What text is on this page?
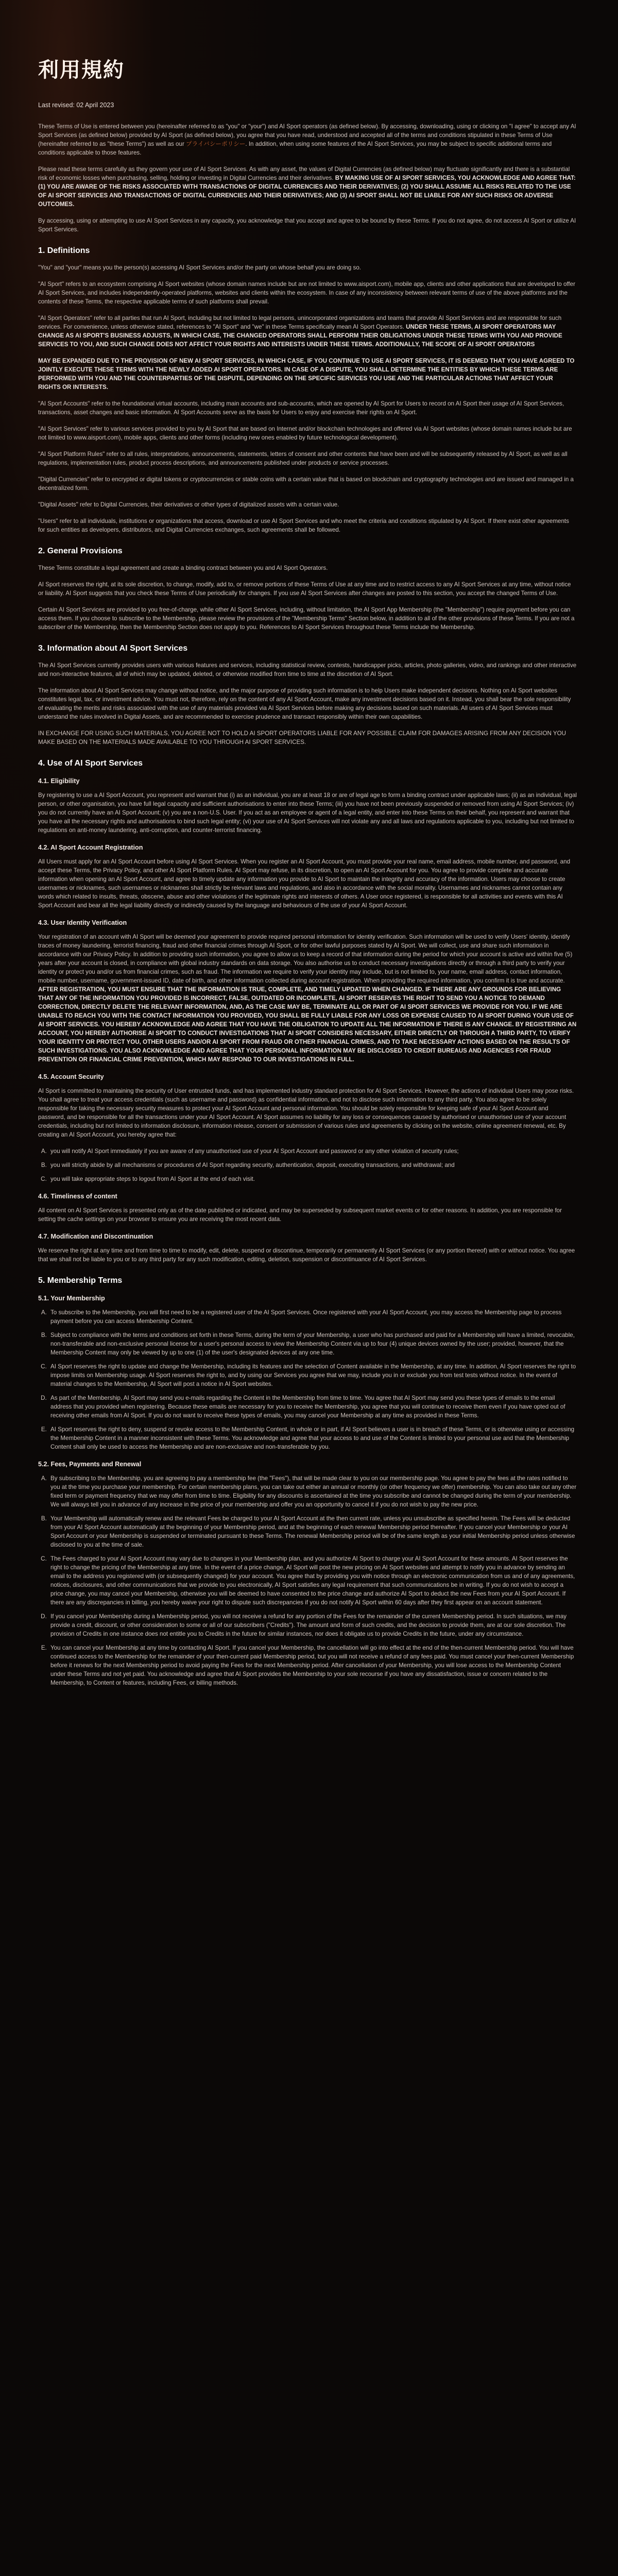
利用規約
Last revised: 02 April 2023

These Terms of Use is entered between you (hereinafter referred to as "you" or "your") and AI Sport operators (as defined below). By accessing, downloading, using or clicking on "I agree" to accept any AI Sport Services (as defined below) provided by AI Sport (as defined below), you agree that you have read, understood and accepted all of the terms and conditions stipulated in these Terms of Use (hereinafter referred to as "these Terms") as well as our プライバシーポリシー. In addition, when using some features of the AI Sport Services, you may be subject to specific additional terms and conditions applicable to those features.

Please read these terms carefully as they govern your use of AI Sport Services. As with any asset, the values of Digital Currencies (as defined below) may fluctuate significantly and there is a substantial risk of economic losses when purchasing, selling, holding or investing in Digital Currencies and their derivatives. BY MAKING USE OF AI SPORT SERVICES, YOU ACKNOWLEDGE AND AGREE THAT: (1) YOU ARE AWARE OF THE RISKS ASSOCIATED WITH TRANSACTIONS OF DIGITAL CURRENCIES AND THEIR DERIVATIVES; (2) YOU SHALL ASSUME ALL RISKS RELATED TO THE USE OF AI SPORT SERVICES AND TRANSACTIONS OF DIGITAL CURRENCIES AND THEIR DERIVATIVES; AND (3) AI SPORT SHALL NOT BE LIABLE FOR ANY SUCH RISKS OR ADVERSE OUTCOMES.

By accessing, using or attempting to use AI Sport Services in any capacity, you acknowledge that you accept and agree to be bound by these Terms. If you do not agree, do not access AI Sport or utilize AI Sport Services.

1. Definitions

"You" and "your" means you the person(s) accessing AI Sport Services and/or the party on whose behalf you are doing so.

"AI Sport" refers to an ecosystem comprising AI Sport websites (whose domain names include but are not limited to www.aisport.com), mobile app, clients and other applications that are developed to offer AI Sport Services, and includes independently-operated platforms, websites and clients within the ecosystem. In case of any inconsistency between relevant terms of use of the above platforms and the contents of these Terms, the respective applicable terms of such platforms shall prevail.

"AI Sport Operators" refer to all parties that run AI Sport, including but not limited to legal persons, unincorporated organizations and teams that provide AI Sport Services and are responsible for such services. For convenience, unless otherwise stated, references to "AI Sport" and "we" in these Terms specifically mean AI Sport Operators. UNDER THESE TERMS, AI SPORT OPERATORS MAY CHANGE AS AI SPORT'S BUSINESS ADJUSTS, IN WHICH CASE, THE CHANGED OPERATORS SHALL PERFORM THEIR OBLIGATIONS UNDER THESE TERMS WITH YOU AND PROVIDE SERVICES TO YOU, AND SUCH CHANGE DOES NOT AFFECT YOUR RIGHTS AND INTERESTS UNDER THESE TERMS. ADDITIONALLY, THE SCOPE OF AI SPORT OPERATORS

MAY BE EXPANDED DUE TO THE PROVISION OF NEW AI SPORT SERVICES, IN WHICH CASE, IF YOU CONTINUE TO USE AI SPORT SERVICES, IT IS DEEMED THAT YOU HAVE AGREED TO JOINTLY EXECUTE THESE TERMS WITH THE NEWLY ADDED AI SPORT OPERATORS. IN CASE OF A DISPUTE, YOU SHALL DETERMINE THE ENTITIES BY WHICH THESE TERMS ARE PERFORMED WITH YOU AND THE COUNTERPARTIES OF THE DISPUTE, DEPENDING ON THE SPECIFIC SERVICES YOU USE AND THE PARTICULAR ACTIONS THAT AFFECT YOUR RIGHTS OR INTERESTS.

"AI Sport Accounts" refer to the foundational virtual accounts, including main accounts and sub-accounts, which are opened by AI Sport for Users to record on AI Sport their usage of AI Sport Services, transactions, asset changes and basic information. AI Sport Accounts serve as the basis for Users to enjoy and exercise their rights on AI Sport.

"AI Sport Services" refer to various services provided to you by AI Sport that are based on Internet and/or blockchain technologies and offered via AI Sport websites (whose domain names include but are not limited to www.aisport.com), mobile apps, clients and other forms (including new ones enabled by future technological development).

"AI Sport Platform Rules" refer to all rules, interpretations, announcements, statements, letters of consent and other contents that have been and will be subsequently released by AI Sport, as well as all regulations, implementation rules, product process descriptions, and announcements published under products or service processes.

"Digital Currencies" refer to encrypted or digital tokens or cryptocurrencies or stable coins with a certain value that is based on blockchain and cryptography technologies and are issued and managed in a decentralized form.

"Digital Assets" refer to Digital Currencies, their derivatives or other types of digitalized assets with a certain value.

"Users" refer to all individuals, institutions or organizations that access, download or use AI Sport Services and who meet the criteria and conditions stipulated by AI Sport. If there exist other agreements for such entities as developers, distributors, and Digital Currencies exchanges, such agreements shall be followed.

2. General Provisions

These Terms constitute a legal agreement and create a binding contract between you and AI Sport Operators.

AI Sport reserves the right, at its sole discretion, to change, modify, add to, or remove portions of these Terms of Use at any time and to restrict access to any AI Sport Services at any time, without notice or liability. AI Sport suggests that you check these Terms of Use periodically for changes. If you use AI Sport Services after changes are posted to this section, you accept the changed Terms of Use.

Certain AI Sport Services are provided to you free-of-charge, while other AI Sport Services, including, without limitation, the AI Sport App Membership (the "Membership") require payment before you can access them. If you choose to subscribe to the Membership, please review the provisions of the "Membership Terms" Section below, in addition to all of the other provisions of these Terms. If you are not a subscriber of the Membership, then the Membership Section does not apply to you. References to AI Sport Services throughout these Terms include the Membership.

3. Information about AI Sport Services

The AI Sport Services currently provides users with various features and services, including statistical review, contests, handicapper picks, articles, photo galleries, video, and rankings and other interactive and non-interactive features, all of which may be updated, deleted, or otherwise modified from time to time at the discretion of AI Sport.

The information about AI Sport Services may change without notice, and the major purpose of providing such information is to help Users make independent decisions. Nothing on AI Sport websites constitutes legal, tax, or investment advice. You must not, therefore, rely on the content of any AI Sport Account, make any investment decisions based on it. Instead, you shall bear the sole responsibility of evaluating the merits and risks associated with the use of any materials provided via AI Sport Services before making any decisions based on such materials. All users of AI Sport Services must understand the rules involved in Digital Assets, and are recommended to exercise prudence and transact responsibly within their own capabilities.

IN EXCHANGE FOR USING SUCH MATERIALS, YOU AGREE NOT TO HOLD AI SPORT OPERATORS LIABLE FOR ANY POSSIBLE CLAIM FOR DAMAGES ARISING FROM ANY DECISION YOU MAKE BASED ON THE MATERIALS MADE AVAILABLE TO YOU THROUGH AI SPORT SERVICES.

4. Use of AI Sport Services
4.1. Eligibility

By registering to use a AI Sport Account, you represent and warrant that (i) as an individual, you are at least 18 or are of legal age to form a binding contract under applicable laws; (ii) as an individual, legal person, or other organisation, you have full legal capacity and sufficient authorisations to enter into these Terms; (iii) you have not been previously suspended or removed from using AI Sport Services; (iv) you do not currently have an AI Sport Account; (v) you are a non-U.S. User. If you act as an employee or agent of a legal entity, and enter into these Terms on their behalf, you represent and warrant that you have all the necessary rights and authorisations to bind such legal entity; (vi) your use of AI Sport Services will not violate any and all laws and regulations applicable to you, including but not limited to regulations on anti-money laundering, anti-corruption, and counter-terrorist financing.

4.2. AI Sport Account Registration

All Users must apply for an AI Sport Account before using AI Sport Services. When you register an AI Sport Account, you must provide your real name, email address, mobile number, and password, and accept these Terms, the Privacy Policy, and other AI Sport Platform Rules. AI Sport may refuse, in its discretion, to open an AI Sport Account for you. You agree to provide complete and accurate information when opening an AI Sport Account, and agree to timely update any information you provide to AI Sport to maintain the integrity and accuracy of the information. Users may choose to create usernames or nicknames, such usernames or nicknames shall strictly be relevant laws and regulations, and also in accordance with the social morality. Usernames and nicknames cannot contain any words which related to insults, threats, obscene, abuse and other violations of the legitimate rights and interests of others. A User once registered, is responsible for all activities and events with this AI Sport Account and bear all the legal liability directly or indirectly caused by the language and behaviours of the use of your AI Sport Account.

4.3. User Identity Verification

Your registration of an account with AI Sport will be deemed your agreement to provide required personal information for identity verification. Such information will be used to verify Users' identity, identify traces of money laundering, terrorist financing, fraud and other financial crimes through AI Sport, or for other lawful purposes stated by AI Sport. We will collect, use and share such information in accordance with our Privacy Policy. In addition to providing such information, you agree to allow us to keep a record of that information during the period for which your account is active and within five (5) years after your account is closed, in compliance with global industry standards on data storage. You also authorise us to conduct necessary investigations directly or through a third party to verify your identity or protect you and/or us from financial crimes, such as fraud. The information we require to verify your identity may include, but is not limited to, your name, email address, contact information, mobile number, username, government-issued ID, date of birth, and other information collected during account registration. When providing the required information, you confirm it is true and accurate. AFTER REGISTRATION, YOU MUST ENSURE THAT THE INFORMATION IS TRUE, COMPLETE, AND TIMELY UPDATED WHEN CHANGED. IF THERE ARE ANY GROUNDS FOR BELIEVING THAT ANY OF THE INFORMATION YOU PROVIDED IS INCORRECT, FALSE, OUTDATED OR INCOMPLETE, AI SPORT RESERVES THE RIGHT TO SEND YOU A NOTICE TO DEMAND CORRECTION, DIRECTLY DELETE THE RELEVANT INFORMATION, AND, AS THE CASE MAY BE, TERMINATE ALL OR PART OF AI SPORT SERVICES WE PROVIDE FOR YOU. IF WE ARE UNABLE TO REACH YOU WITH THE CONTACT INFORMATION YOU PROVIDED, YOU SHALL BE FULLY LIABLE FOR ANY LOSS OR EXPENSE CAUSED TO AI SPORT DURING YOUR USE OF AI SPORT SERVICES. YOU HEREBY ACKNOWLEDGE AND AGREE THAT YOU HAVE THE OBLIGATION TO UPDATE ALL THE INFORMATION IF THERE IS ANY CHANGE. BY REGISTERING AN ACCOUNT, YOU HEREBY AUTHORISE AI SPORT TO CONDUCT INVESTIGATIONS THAT AI SPORT CONSIDERS NECESSARY, EITHER DIRECTLY OR THROUGH A THIRD PARTY, TO VERIFY YOUR IDENTITY OR PROTECT YOU, OTHER USERS AND/OR AI SPORT FROM FRAUD OR OTHER FINANCIAL CRIMES, AND TO TAKE NECESSARY ACTIONS BASED ON THE RESULTS OF SUCH INVESTIGATIONS. YOU ALSO ACKNOWLEDGE AND AGREE THAT YOUR PERSONAL INFORMATION MAY BE DISCLOSED TO CREDIT BUREAUS AND AGENCIES FOR FRAUD PREVENTION OR FINANCIAL CRIME PREVENTION, WHICH MAY RESPOND TO OUR INVESTIGATIONS IN FULL.

4.5. Account Security

AI Sport is committed to maintaining the security of User entrusted funds, and has implemented industry standard protection for AI Sport Services. However, the actions of individual Users may pose risks. You shall agree to treat your access credentials (such as username and password) as confidential information, and not to disclose such information to any third party. You also agree to be solely responsible for taking the necessary security measures to protect your AI Sport Account and personal information. You should be solely responsible for keeping safe of your AI Sport Account and password, and be responsible for all the transactions under your AI Sport Account. AI Sport assumes no liability for any loss or consequences caused by authorised or unauthorised use of your account credentials, including but not limited to information disclosure, information release, consent or submission of various rules and agreements by clicking on the website, online agreement renewal, etc. By creating an AI Sport Account, you hereby agree that:

A. you will notify AI Sport immediately if you are aware of any unauthorised use of your AI Sport Account and password or any other violation of security rules;
B. you will strictly abide by all mechanisms or procedures of AI Sport regarding security, authentication, deposit, executing transactions, and withdrawal; and
C. you will take appropriate steps to logout from AI Sport at the end of each visit.
4.6. Timeliness of content

All content on AI Sport Services is presented only as of the date published or indicated, and may be superseded by subsequent market events or for other reasons. In addition, you are responsible for setting the cache settings on your browser to ensure you are receiving the most recent data.

4.7. Modification and Discontinuation

We reserve the right at any time and from time to time to modify, edit, delete, suspend or discontinue, temporarily or permanently AI Sport Services (or any portion thereof) with or without notice. You agree that we shall not be liable to you or to any third party for any such modification, editing, deletion, suspension or discontinuance of AI Sport Services.

5. Membership Terms
5.1. Your Membership
A. To subscribe to the Membership, you will first need to be a registered user of the AI Sport Services. Once registered with your AI Sport Account, you may access the Membership page to process payment before you can access Membership Content.
B. Subject to compliance with the terms and conditions set forth in these Terms, during the term of your Membership, a user who has purchased and paid for a Membership will have a limited, revocable, non-transferable and non-exclusive personal license for a user's personal access to view the Membership Content via up to four (4) unique devices owned by the user; provided, however, that the Membership Content may only be viewed by up to one (1) of the user's designated devices at any one time.
C. AI Sport reserves the right to update and change the Membership, including its features and the selection of Content available in the Membership, at any time. In addition, AI Sport reserves the right to impose limits on Membership usage. AI Sport reserves the right to, and by using our Services you agree that we may, include you in or exclude you from test tests without notice. In the event of material changes to the Membership, AI Sport will post a notice in AI Sport websites.
D. As part of the Membership, AI Sport may send you e-mails regarding the Content in the Membership from time to time. You agree that AI Sport may send you these types of emails to the email address that you provided when registering. Because these emails are necessary for you to receive the Membership, you agree that you will continue to receive them even if you have opted out of receiving other emails from AI Sport. If you do not want to receive these types of emails, you may cancel your Membership at any time as provided in these Terms.
E. AI Sport reserves the right to deny, suspend or revoke access to the Membership Content, in whole or in part, if AI Sport believes a user is in breach of these Terms, or is otherwise using or accessing the Membership Content in a manner inconsistent with these Terms. You acknowledge and agree that your access to and use of the Content is limited to your personal use and that the Membership Content shall only be used to access the Membership and are non-exclusive and non-transferable by you.
5.2. Fees, Payments and Renewal
A. By subscribing to the Membership, you are agreeing to pay a membership fee (the "Fees"), that will be made clear to you on our membership page. You agree to pay the fees at the rates notified to you at the time you purchase your membership. For certain membership plans, you can take out either an annual or monthly (or other frequency we offer) membership. You can also take out any other fixed term or payment frequency that we may offer from time to time. Eligibility for any discounts is ascertained at the time you subscribe and cannot be changed during the term of your membership. We will always tell you in advance of any increase in the price of your membership and offer you an opportunity to cancel it if you do not wish to pay the new price.
B. Your Membership will automatically renew and the relevant Fees be charged to your AI Sport Account at the then current rate, unless you unsubscribe as specified herein. The Fees will be deducted from your AI Sport Account automatically at the beginning of your Membership period, and at the beginning of each renewal Membership period thereafter. If you cancel your Membership or your AI Sport Account or your Membership is suspended or terminated pursuant to these Terms. The renewal Membership period will be of the same length as your initial Membership period unless otherwise disclosed to you at the time of sale.
C. The Fees charged to your AI Sport Account may vary due to changes in your Membership plan, and you authorize AI Sport to charge your AI Sport Account for these amounts. AI Sport reserves the right to change the pricing of the Membership at any time. In the event of a price change, AI Sport will post the new pricing on AI Sport websites and attempt to notify you in advance by sending an email to the address you registered with (or subsequently changed) for your account. You agree that by providing you with notice through an electronic communication from us and of any agreements, notices, disclosures, and other communications that we provide to you electronically, AI Sport satisfies any legal requirement that such communications be in writing. If you do not wish to accept a price change, you may cancel your Membership, otherwise you will be deemed to have consented to the price change and authorize AI Sport to deduct the new Fees from your AI Sport Account. If there are any discrepancies in billing, you hereby waive your right to dispute such discrepancies if you do not notify AI Sport within 60 days after they first appear on an account statement.
D. If you cancel your Membership during a Membership period, you will not receive a refund for any portion of the Fees for the remainder of the current Membership period. In such situations, we may provide a credit, discount, or other consideration to some or all of our subscribers ("Credits"). The amount and form of such credits, and the decision to provide them, are at our sole discretion. The provision of Credits in one instance does not entitle you to Credits in the future for similar instances, nor does it obligate us to provide Credits in the future, under any circumstance.
E. You can cancel your Membership at any time by contacting AI Sport. If you cancel your Membership, the cancellation will go into effect at the end of the then-current Membership period. You will have continued access to the Membership for the remainder of your then-current paid Membership period, but you will not receive a refund of any fees paid. You must cancel your then-current Membership before it renews for the next Membership period to avoid paying the Fees for the next Membership period. After cancellation of your Membership, you will lose access to the Membership Content under these Terms and not yet paid. You acknowledge and agree that AI Sport provides the Membership to your sole recourse if you have any dissatisfaction, issue or concern related to the Membership, to Content or features, including Fees, or billing methods.
